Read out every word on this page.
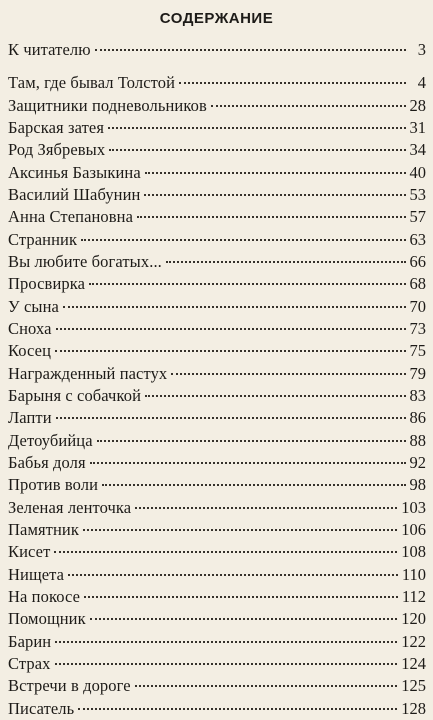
СОДЕРЖАНИЕ
К читателю	3
Там, где бывал Толстой	4
Защитники подневольников	28
Барская затея	31
Род Зябревых	34
Аксинья Базыкина	40
Василий Шабунин	53
Анна Степановна	57
Странник	63
Вы любите богатых...	66
Просвирка	68
У сына	70
Сноха	73
Косец	75
Награжденный пастух	79
Барыня с собачкой	83
Лапти	86
Детоубийца	88
Бабья доля	92
Против воли	98
Зеленая ленточка	103
Памятник	106
Кисет	108
Нищета	110
На покосе	112
Помощник	120
Барин	122
Страх	124
Встречи в дороге	125
Писатель	128
